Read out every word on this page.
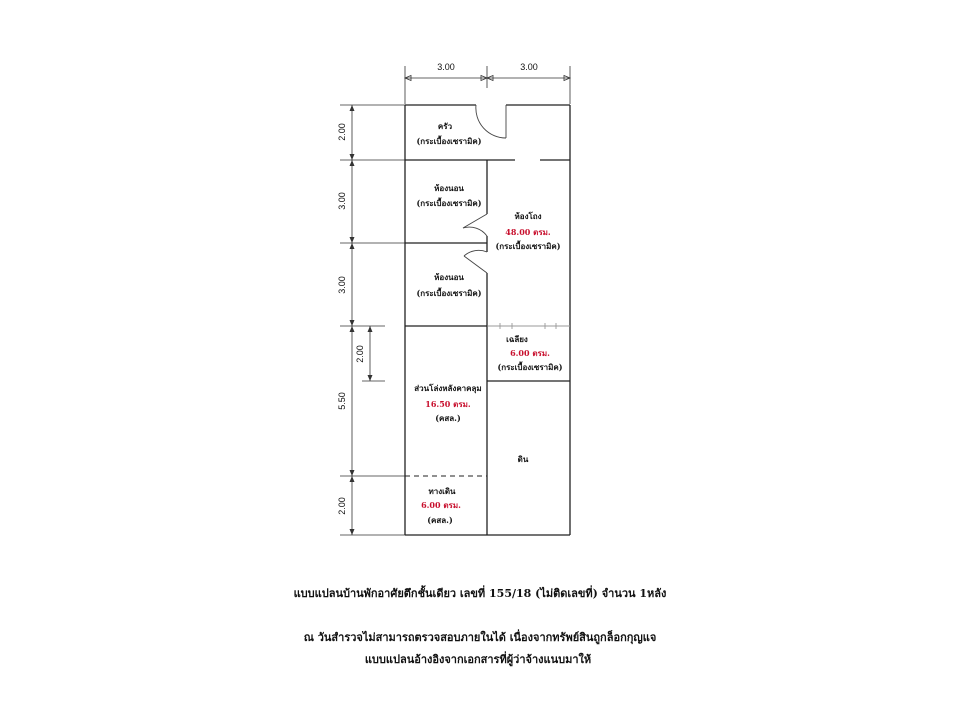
3.00	3.00
2.00
3.00
3.00
5.50
2.00
2.00
ครัว
(กระเบื้องเซรามิค)
ห้องนอน
(กระเบื้องเซรามิค)
ห้องโถง
48.00 ตรม.
(กระเบื้องเซรามิค)
ห้องนอน
(กระเบื้องเซรามิค)
เฉลียง
6.00 ตรม.
(กระเบื้องเซรามิค)
ส่วนโล่งหลังคาคลุม
16.50 ตรม.
(คสล.)
ทางเดิน
6.00 ตรม.
(คสล.)
ดิน
แบบแปลนบ้านพักอาศัยตึกชั้นเดียว เลขที่ 155/18 (ไม่ติดเลขที่) จำนวน 1หลัง
ณ วันสำรวจไม่สามารถตรวจสอบภายในได้ เนื่องจากทรัพย์สินถูกล็อกกุญแจ
แบบแปลนอ้างอิงจากเอกสารที่ผู้ว่าจ้างแนบมาให้
